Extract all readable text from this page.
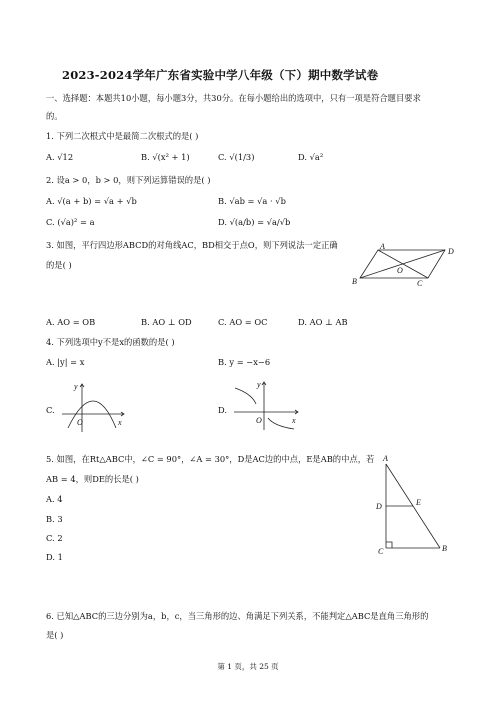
2023-2024学年广东省实验中学八年级（下）期中数学试卷
一、选择题：本题共10小题，每小题3分，共30分。在每小题给出的选项中，只有一项是符合题目要求
的。
1. 下列二次根式中是最简二次根式的是( )
A. √12	B. √(x² + 1)	C. √(1/3)	D. √a²
2. 设a > 0，b > 0，则下列运算错误的是( )
A. √(a + b) = √a + √b	B. √ab = √a · √b
C. (√a)² = a	D. √(a/b) = √a/√b
3. 如图，平行四边形ABCD的对角线AC，BD相交于点O，则下列说法一定正确
的是( )
A
D
B	C
O
A. AO = OB	B. AO ⊥ OD	C. AO = OC	D. AO ⊥ AB
4. 下列选项中y不是x的函数的是( )
A. |y| = x	B. y = −x−6
C.
y
x
O
D.
y
x
O
5. 如图，在Rt△ABC中，∠C = 90°，∠A = 30°，D是AC边的中点，E是AB的中点，若
AB = 4，则DE的长是( )
A. 4
B. 3
C. 2
D. 1
A
D	E
C	B
6. 已知△ABC的三边分别为a，b，c，当三角形的边、角满足下列关系，不能判定△ABC是直角三角形的
是( )
第 1 页，共 25 页
